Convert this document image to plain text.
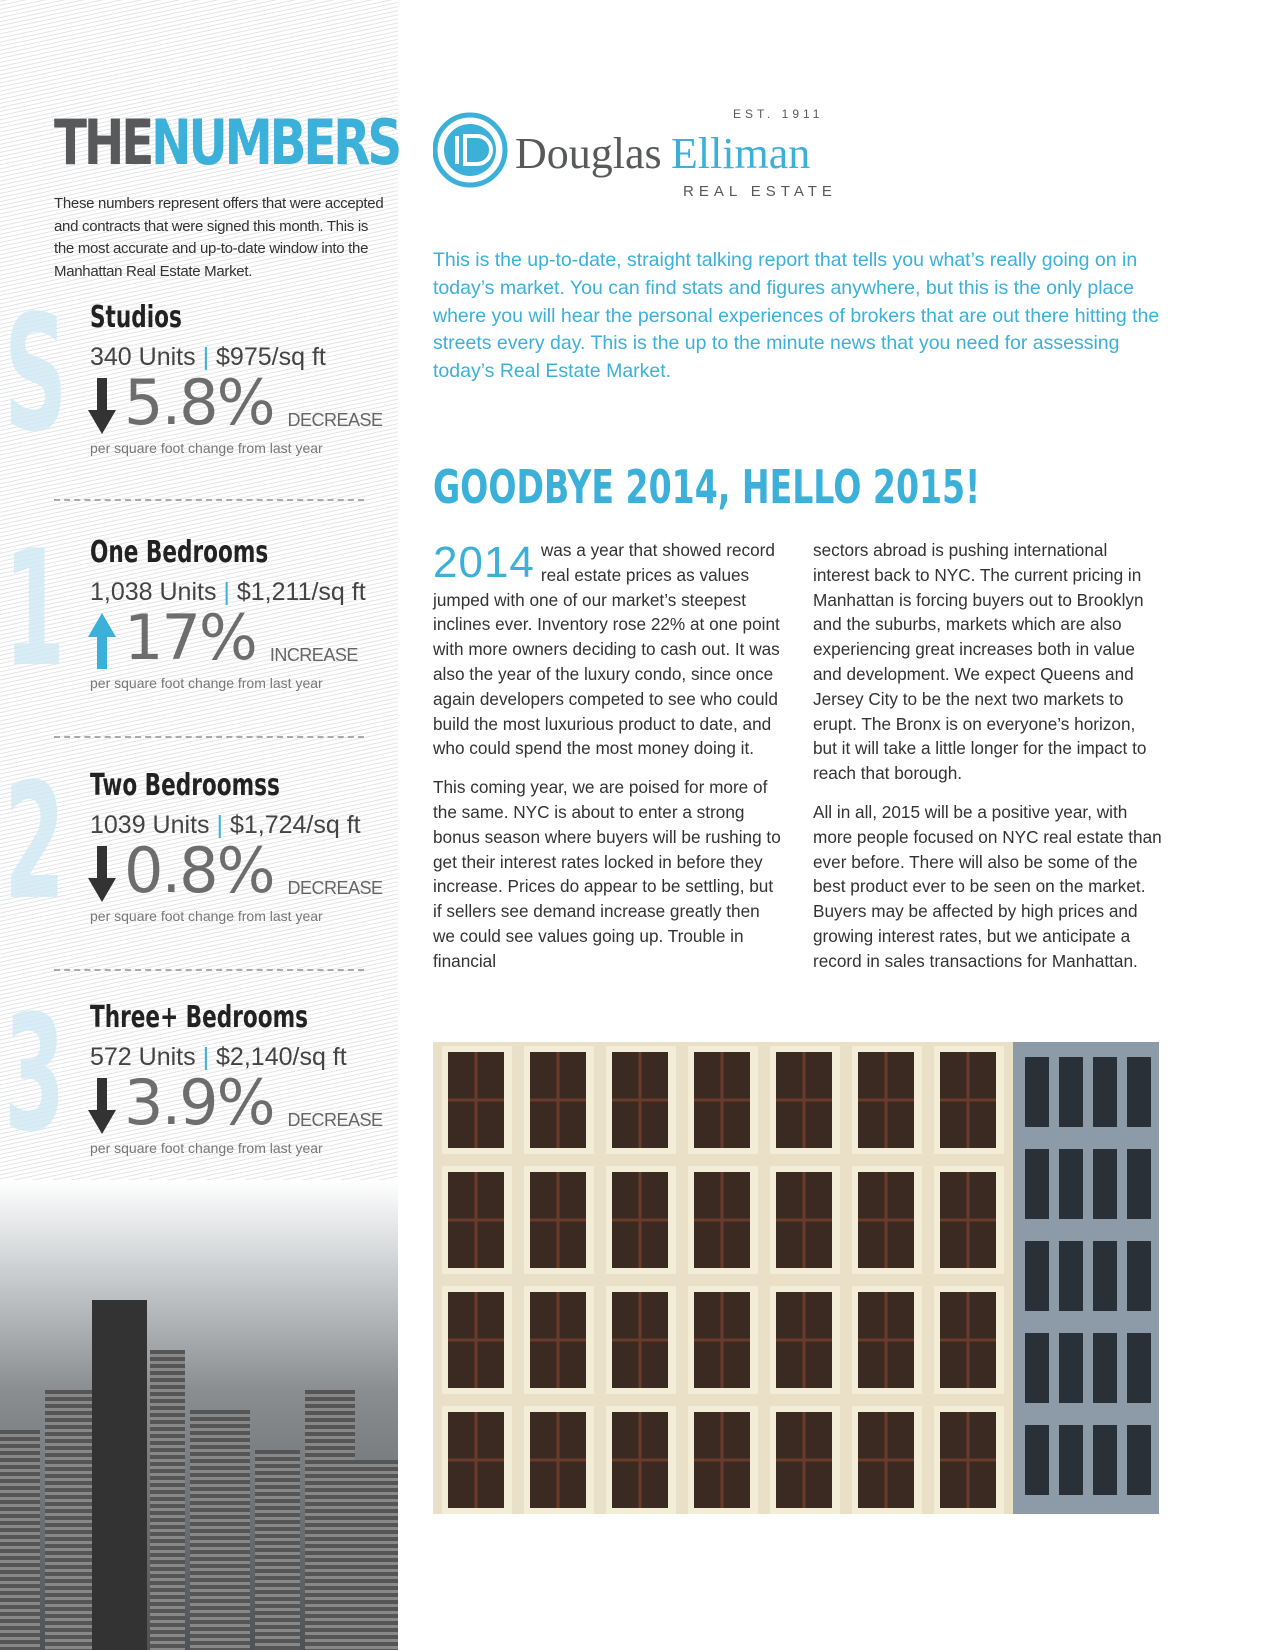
THENUMBERS
These numbers represent offers that were accepted and contracts that were signed this month. This is the most accurate and up-to-date window into the Manhattan Real Estate Market.
S Studios
340 Units | $975/sq ft
5.8% DECREASE
per square foot change from last year
1 One Bedrooms
1,038 Units | $1,211/sq ft
17% INCREASE
per square foot change from last year
2 Two Bedroomss
1039 Units | $1,724/sq ft
0.8% DECREASE
per square foot change from last year
3 Three+ Bedrooms
572 Units | $2,140/sq ft
3.9% DECREASE
per square foot change from last year
Douglas Elliman
EST. 1911
REAL ESTATE
This is the up-to-date, straight talking report that tells you what’s really going on in today’s market. You can find stats and figures anywhere, but this is the only place where you will hear the personal experiences of brokers that are out there hitting the streets every day. This is the up to the minute news that you need for assessing today’s Real Estate Market.
GOODBYE 2014, HELLO 2015!

2014 was a year that showed record real estate prices as values jumped with one of our market’s steepest inclines ever. Inventory rose 22% at one point with more owners deciding to cash out. It was also the year of the luxury condo, since once again developers competed to see who could build the most luxurious product to date, and who could spend the most money doing it.

This coming year, we are poised for more of the same. NYC is about to enter a strong bonus season where buyers will be rushing to get their interest rates locked in before they increase. Prices do appear to be settling, but if sellers see demand increase greatly then we could see values going up. Trouble in financial

sectors abroad is pushing international interest back to NYC. The current pricing in Manhattan is forcing buyers out to Brooklyn and the suburbs, markets which are also experiencing great increases both in value and development. We expect Queens and Jersey City to be the next two markets to erupt. The Bronx is on everyone’s horizon, but it will take a little longer for the impact to reach that borough.

All in all, 2015 will be a positive year, with more people focused on NYC real estate than ever before. There will also be some of the best product ever to be seen on the market. Buyers may be affected by high prices and growing interest rates, but we anticipate a record in sales transactions for Manhattan.
